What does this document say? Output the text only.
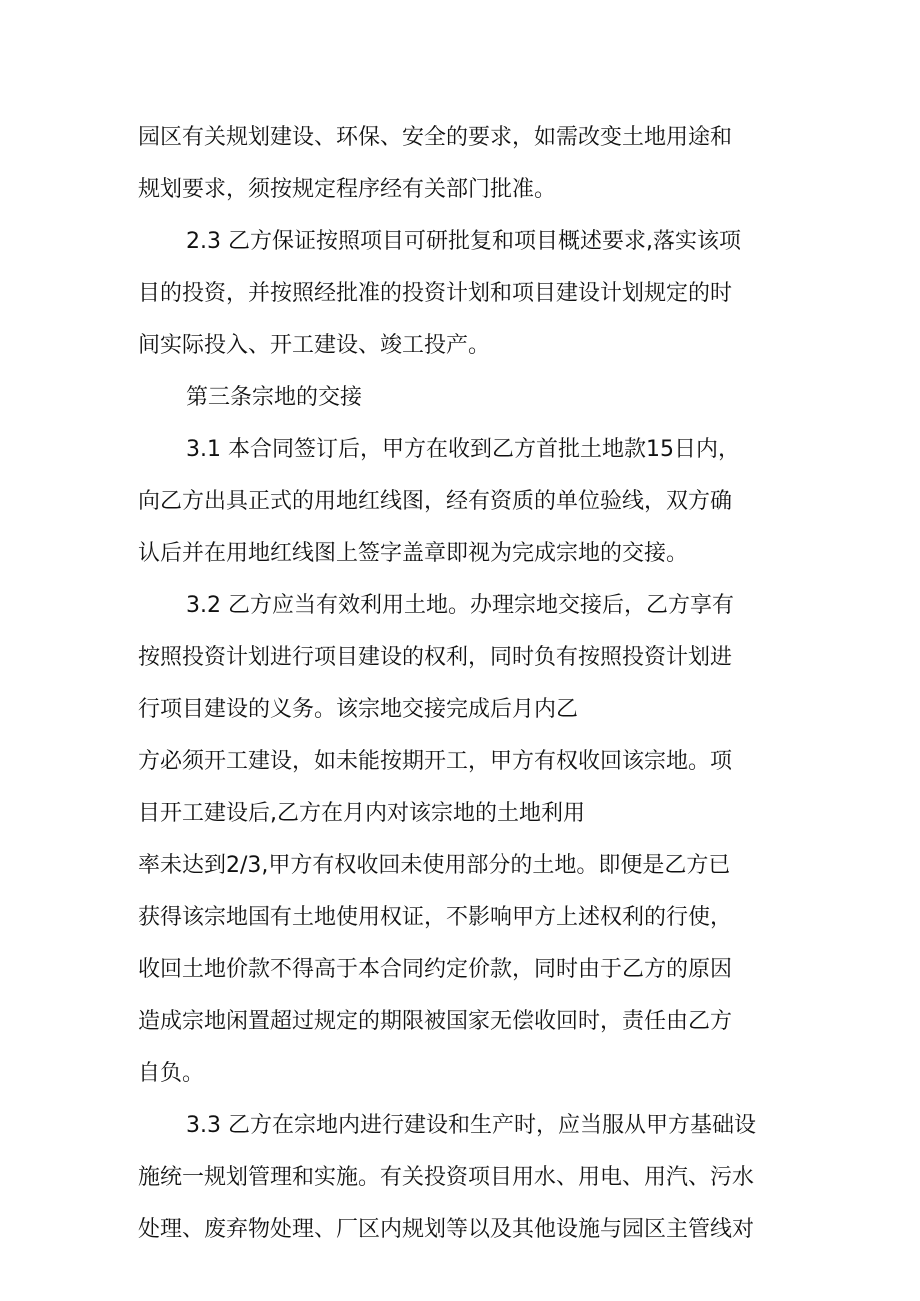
园区有关规划建设、环保、安全的要求，如需改变土地用途和
规划要求，须按规定程序经有关部门批准。
2.3 乙方保证按照项目可研批复和项目概述要求,落实该项
目的投资，并按照经批准的投资计划和项目建设计划规定的时
间实际投入、开工建设、竣工投产。
第三条宗地的交接
3.1 本合同签订后，甲方在收到乙方首批土地款15日内，
向乙方出具正式的用地红线图，经有资质的单位验线，双方确
认后并在用地红线图上签字盖章即视为完成宗地的交接。
3.2 乙方应当有效利用土地。办理宗地交接后，乙方享有
按照投资计划进行项目建设的权利，同时负有按照投资计划进
行项目建设的义务。该宗地交接完成后月内乙
方必须开工建设，如未能按期开工，甲方有权收回该宗地。项
目开工建设后,乙方在月内对该宗地的土地利用
率未达到2/3,甲方有权收回未使用部分的土地。即便是乙方已
获得该宗地国有土地使用权证，不影响甲方上述权利的行使，
收回土地价款不得高于本合同约定价款，同时由于乙方的原因
造成宗地闲置超过规定的期限被国家无偿收回时，责任由乙方
自负。
3.3 乙方在宗地内进行建设和生产时，应当服从甲方基础设
施统一规划管理和实施。有关投资项目用水、用电、用汽、污水
处理、废弃物处理、厂区内规划等以及其他设施与园区主管线对
